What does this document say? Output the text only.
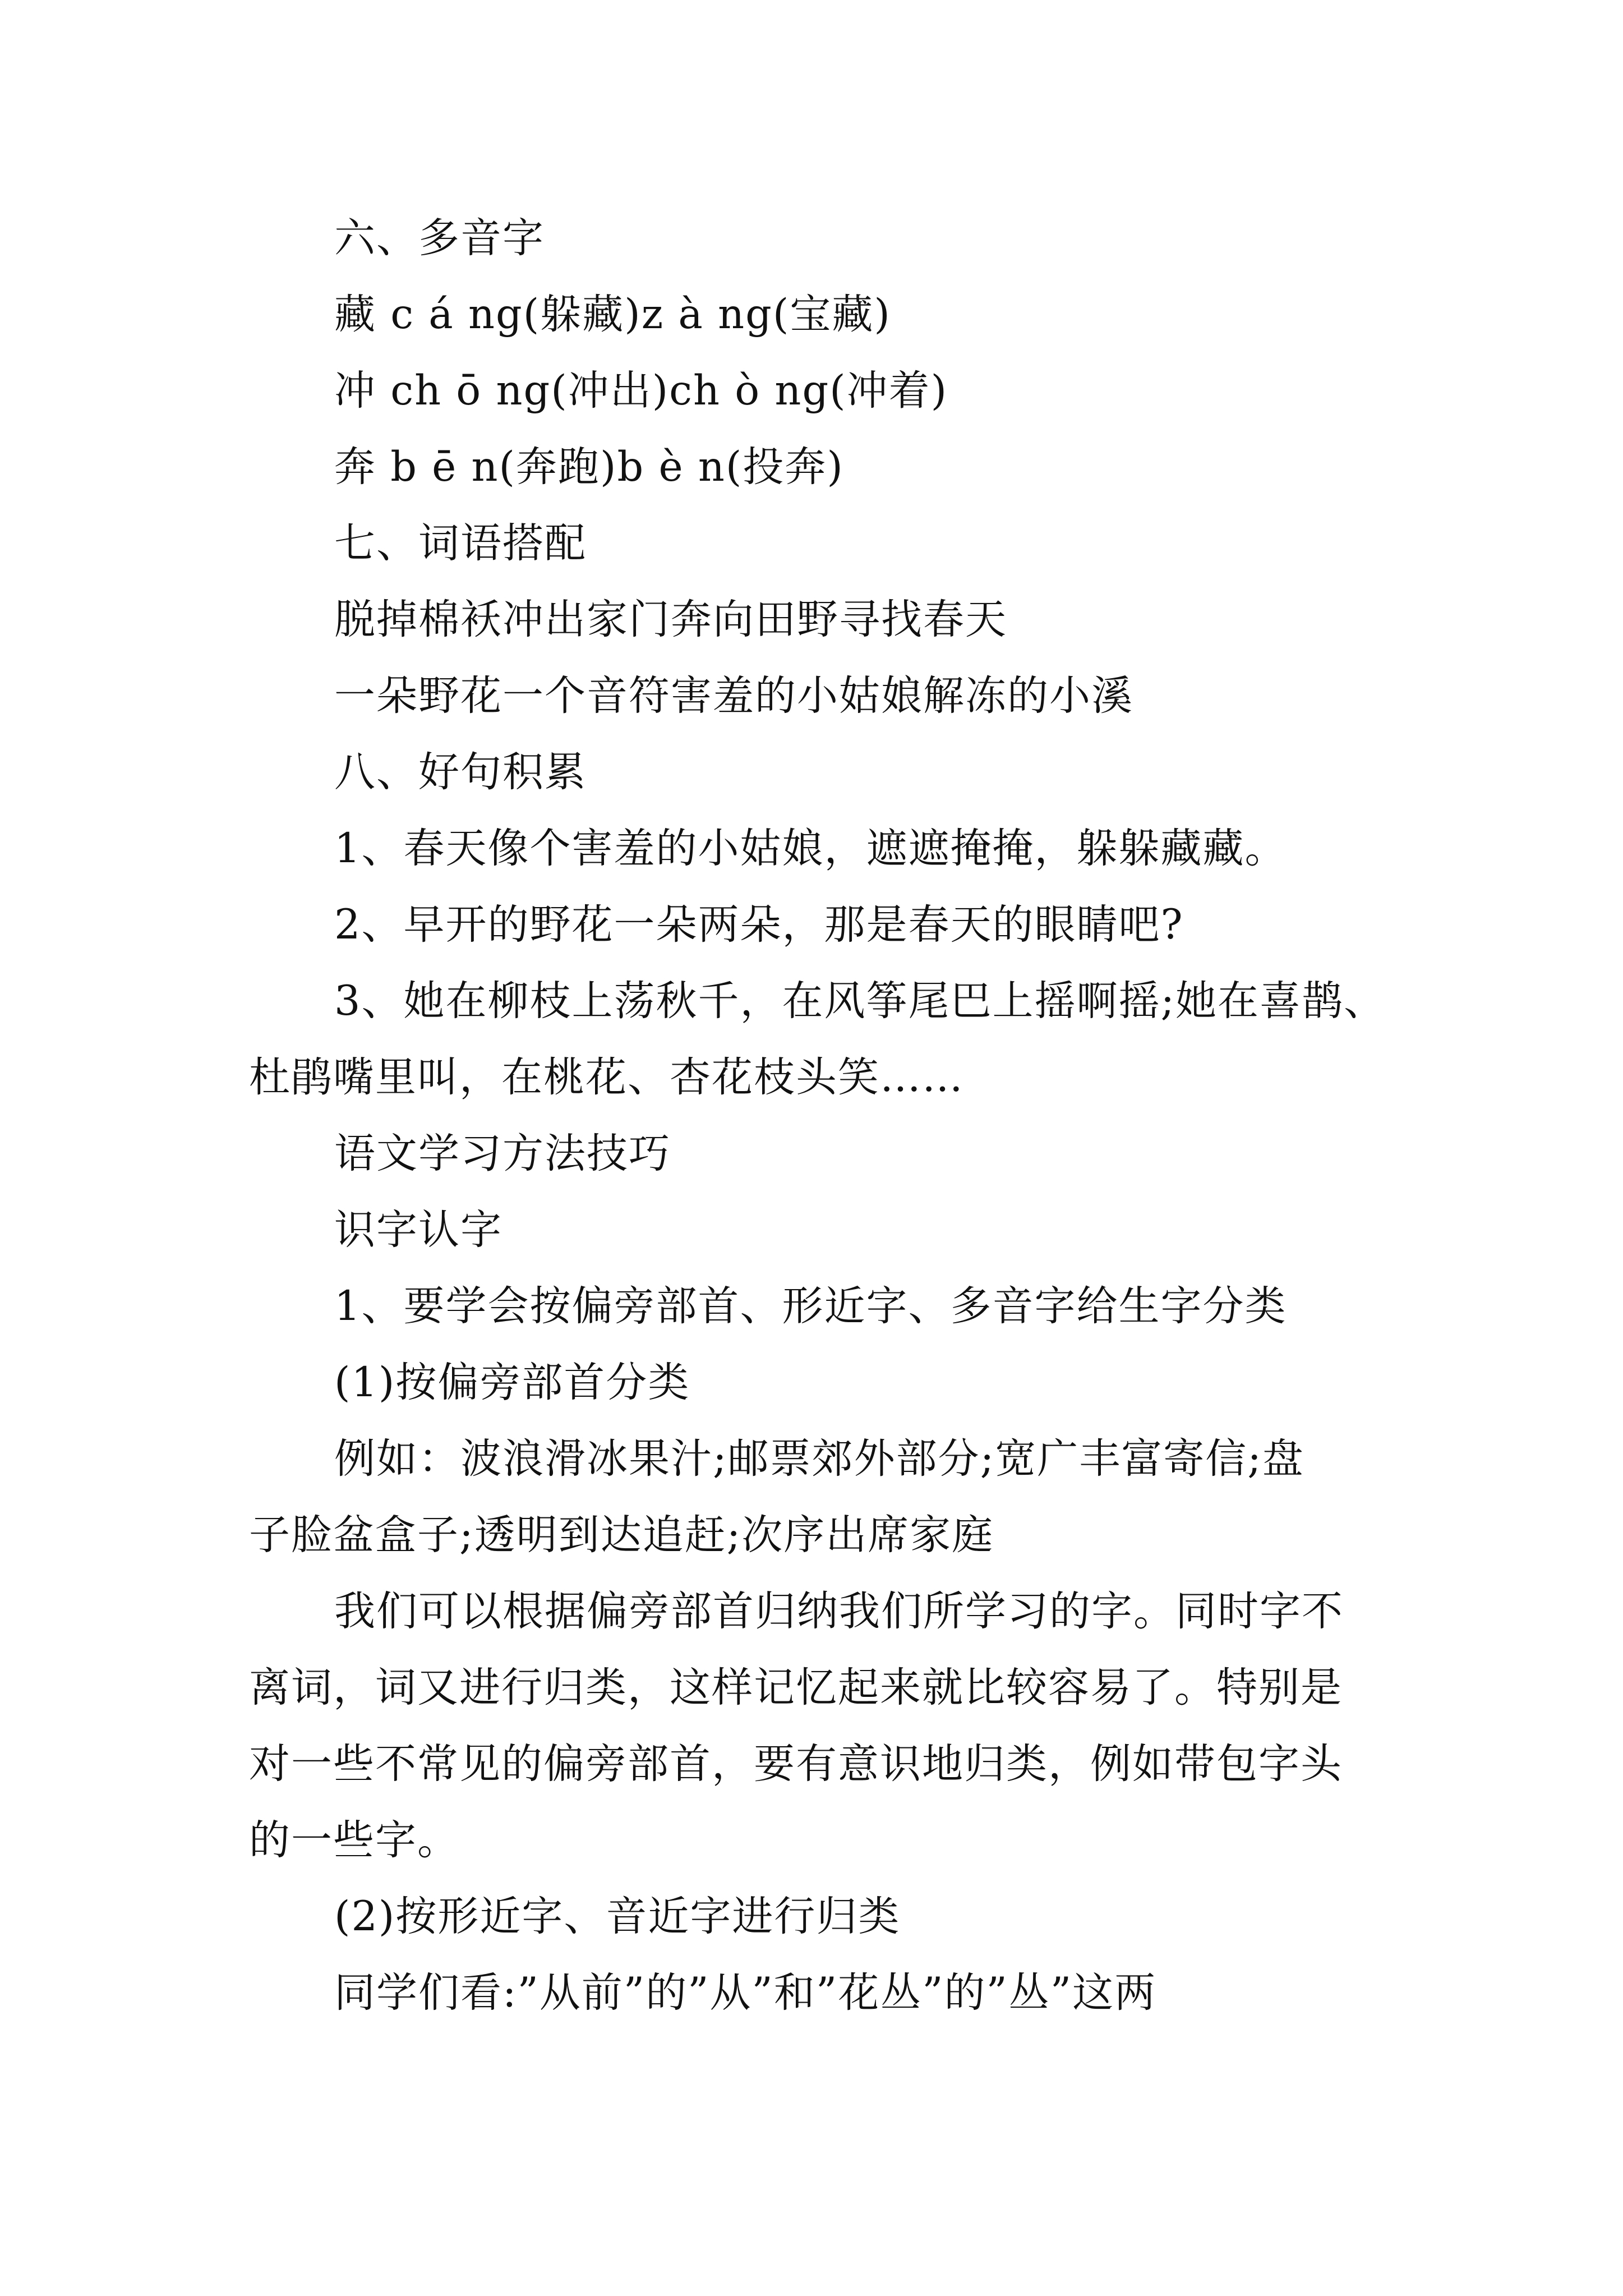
六、多音字

藏 c á ng(躲藏)z à ng(宝藏)

冲 ch ō ng(冲出)ch ò ng(冲着)

奔 b ē n(奔跑)b è n(投奔)

七、词语搭配

脱掉棉袄冲出家门奔向田野寻找春天

一朵野花一个音符害羞的小姑娘解冻的小溪

八、好句积累

1、春天像个害羞的小姑娘，遮遮掩掩，躲躲藏藏。

2、早开的野花一朵两朵，那是春天的眼睛吧?

3、她在柳枝上荡秋千，在风筝尾巴上摇啊摇;她在喜鹊、

杜鹃嘴里叫，在桃花、杏花枝头笑……

语文学习方法技巧

识字认字

1、要学会按偏旁部首、形近字、多音字给生字分类

(1)按偏旁部首分类

例如：波浪滑冰果汁;邮票郊外部分;宽广丰富寄信;盘

子脸盆盒子;透明到达追赶;次序出席家庭

我们可以根据偏旁部首归纳我们所学习的字。同时字不

离词，词又进行归类，这样记忆起来就比较容易了。特别是

对一些不常见的偏旁部首，要有意识地归类，例如带包字头

的一些字。

(2)按形近字、音近字进行归类

同学们看:”从前”的”从”和”花丛”的”丛”这两
